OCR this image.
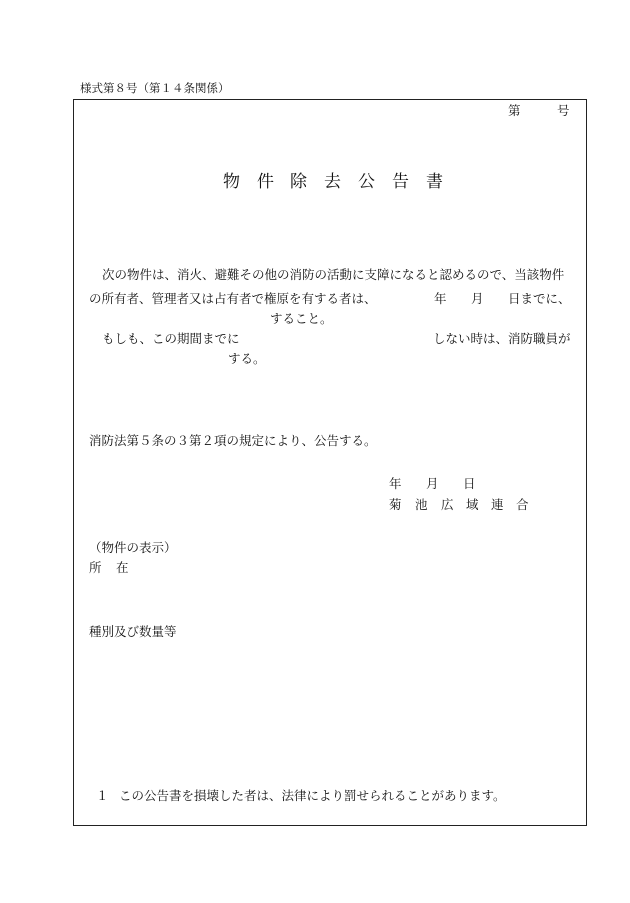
様式第８号（第１４条関係）
第	号
物 件 除 去 公 告 書
次の物件は、消火、避難その他の消防の活動に支障になると認めるので、当該物件
の所有者、管理者又は占有者で権原を有する者は、	年 月 日までに、
すること。
もしも、この期間までに	しない時は、消防職員が
する。
消防法第５条の３第２項の規定により、公告する。
年 月 日
菊 池 広 域 連 合
（物件の表示）
所 在
種別及び数量等
１ この公告書を損壊した者は、法律により罰せられることがあります。
